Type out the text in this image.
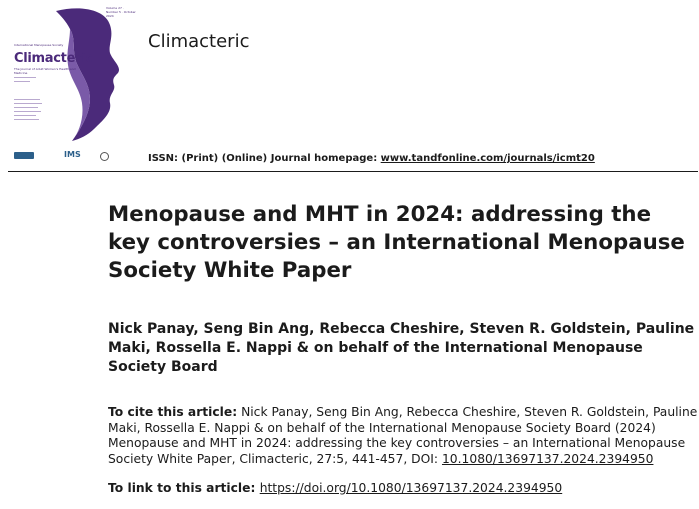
Volume 27 · Number 5 · October 2024
International Menopause Society
Climacteric
The Journal of Adult Women's Health and Medicine
IMS
Climacteric
ISSN: (Print) (Online) Journal homepage: www.tandfonline.com/journals/icmt20
Menopause and MHT in 2024: addressing the key controversies – an International Menopause Society White Paper
Nick Panay, Seng Bin Ang, Rebecca Cheshire, Steven R. Goldstein, Pauline Maki, Rossella E. Nappi & on behalf of the International Menopause Society Board
To cite this article: Nick Panay, Seng Bin Ang, Rebecca Cheshire, Steven R. Goldstein, Pauline Maki, Rossella E. Nappi & on behalf of the International Menopause Society Board (2024) Menopause and MHT in 2024: addressing the key controversies – an International Menopause Society White Paper, Climacteric, 27:5, 441-457, DOI: 10.1080/13697137.2024.2394950
To link to this article: https://doi.org/10.1080/13697137.2024.2394950
